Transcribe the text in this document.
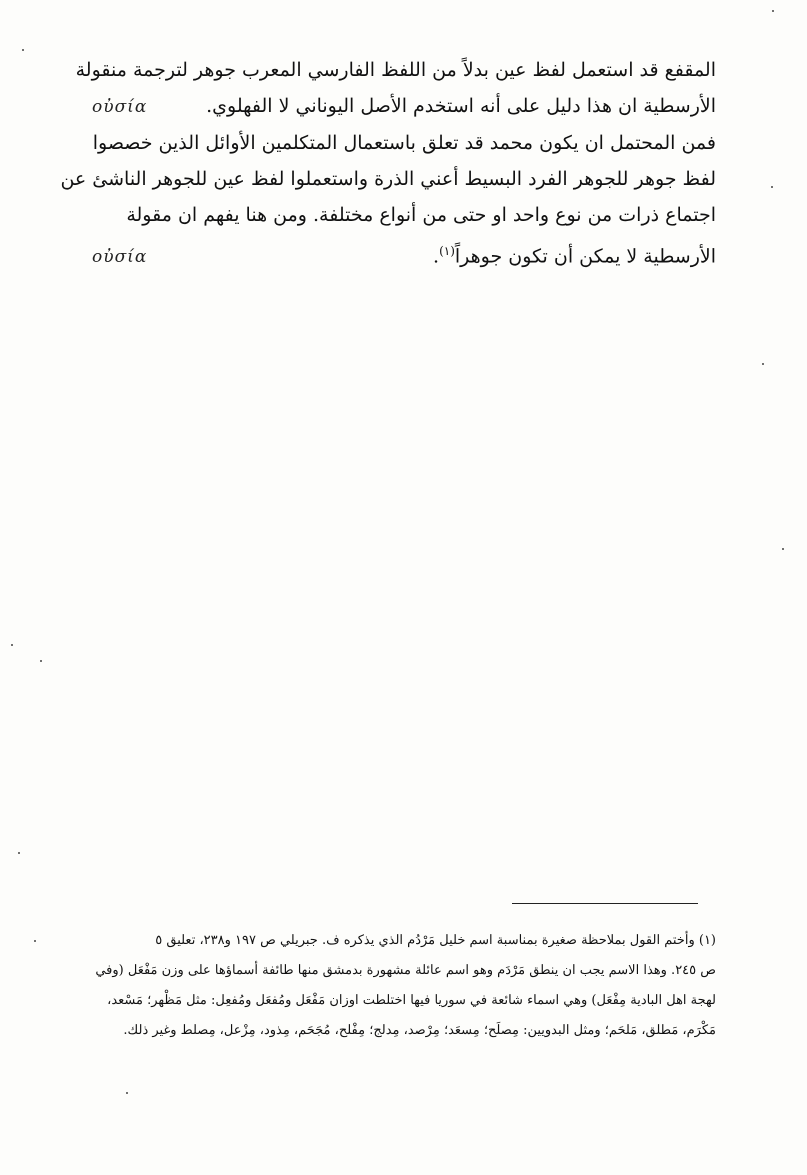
المقفع قد استعمل لفظ عين بدلاً من اللفظ الفارسي المعرب جوهر لترجمة منقولة

الأرسطية ان هذا دليل على أنه استخدم الأصل اليوناني لا الفهلوي.
οὐσία

فمن المحتمل ان يكون محمد قد تعلق باستعمال المتكلمين الأوائل الذين خصصوا

لفظ جوهر للجوهر الفرد البسيط أعني الذرة واستعملوا لفظ عين للجوهر الناشئ عن

اجتماع ذرات من نوع واحد او حتى من أنواع مختلفة. ومن هنا يفهم ان مقولة

الأرسطية لا يمكن أن تكون جوهراً$^{(١)}$.
οὐσία

(١) وأختم القول بملاحظة صغيرة بمناسبة اسم خليل مَرْدُم الذي يذكره ف. جبريلي ص ١٩٧ و٢٣٨، تعليق ٥

ص ٢٤٥. وهذا الاسم يجب ان ينطق مَرْدَم وهو اسم عائلة مشهورة بدمشق منها طائفة أسماؤها على وزن مَفْعَل (وفي

لهجة اهل البادية مِفْعَل) وهي اسماء شائعة في سوريا فيها اختلطت اوزان مَفْعَل ومُفعَل ومُفعِل: مثل مَظْهر؛ مَسْعد،

مَكْرَم، مَطلق، مَلحَم؛ ومثل البدويين: مِصلَح؛ مِسعَد؛ مِرْصد، مِدلج؛ مِفْلح، مُجَحَم، مِذود، مِزْعل، مِصلط وغير ذلك.
